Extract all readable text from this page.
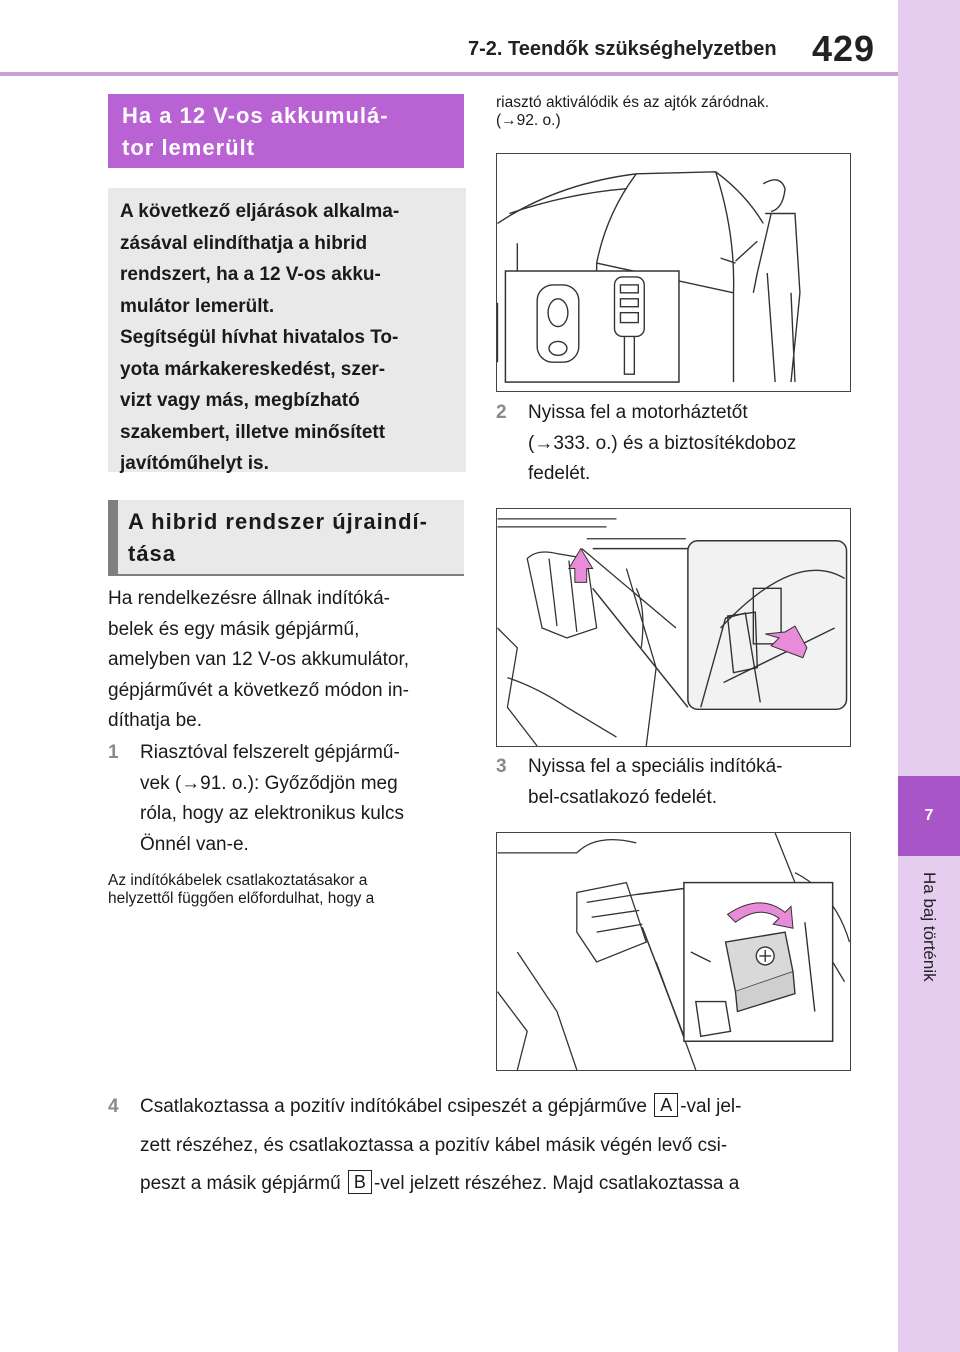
7-2. Teendők szükséghelyzetben 429
7
Ha baj történik
Ha a 12 V-os akkumulá-
tor lemerült
A következő eljárások alkalma-
zásával elindíthatja a hibrid
rendszert, ha a 12 V-os akku-
mulátor lemerült.
Segítségül hívhat hivatalos To-
yota márkakereskedést, szer-
vizt vagy más, megbízható
szakembert, illetve minősített
javítóműhelyt is.
A hibrid rendszer újraindí-
tása
Ha rendelkezésre állnak indítóká-
belek és egy másik gépjármű,
amelyben van 12 V-os akkumulátor,
gépjárművét a következő módon in-
díthatja be.
1 Riasztóval felszerelt gépjármű-
vek (→91. o.): Győződjön meg
róla, hogy az elektronikus kulcs
Önnél van-e.
Az indítókábelek csatlakoztatásakor a
helyzettől függően előfordulhat, hogy a
riasztó aktiválódik és az ajtók záródnak.
(→92. o.)
2 Nyissa fel a motorháztetőt
(→333. o.) és a biztosítékdoboz
fedelét.
3 Nyissa fel a speciális indítóká-
bel-csatlakozó fedelét.
4 Csatlakoztassa a pozitív indítókábel csipeszét a gépjárműve A -val jel-
zett részéhez, és csatlakoztassa a pozitív kábel másik végén levő csi-
peszt a másik gépjármű B -vel jelzett részéhez. Majd csatlakoztassa a
